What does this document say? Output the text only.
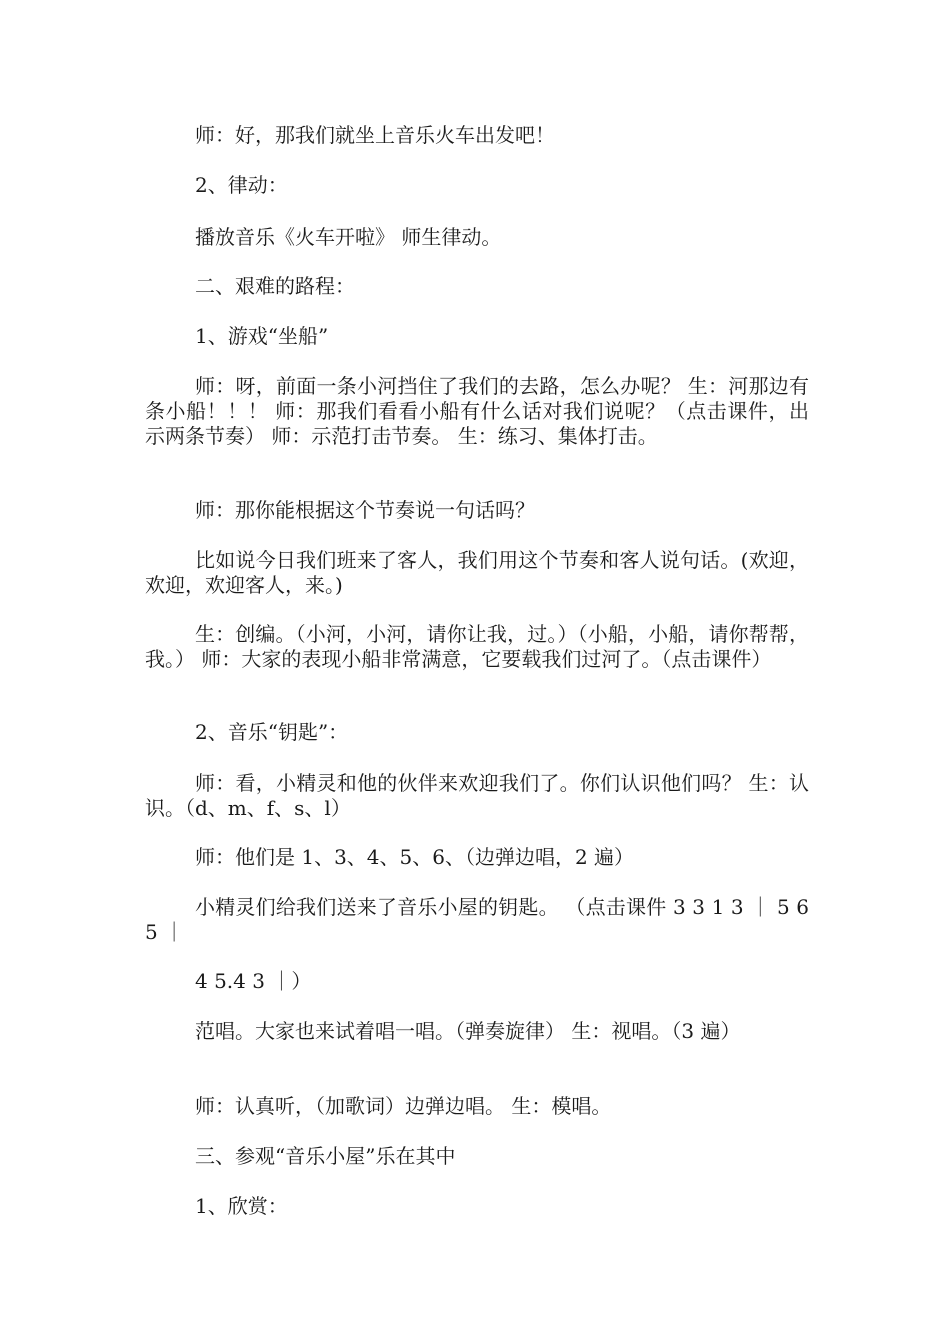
师：好，那我们就坐上音乐火车出发吧！

2、律动：

播放音乐《火车开啦》 师生律动。

二、艰难的路程：

1、游戏“坐船”

师：呀，前面一条小河挡住了我们的去路，怎么办呢？ 生：河那边有条小船！！！ 师：那我们看看小船有什么话对我们说呢？（点击课件，出示两条节奏） 师：示范打击节奏。 生：练习、集体打击。

师：那你能根据这个节奏说一句话吗？

比如说今日我们班来了客人，我们用这个节奏和客人说句话。(欢迎，欢迎，欢迎客人，来。)

生：创编。（小河，小河，请你让我，过。）（小船，小船，请你帮帮，我。） 师：大家的表现小船非常满意，它要载我们过河了。（点击课件）

2、音乐“钥匙”：

师：看，小精灵和他的伙伴来欢迎我们了。你们认识他们吗？ 生：认识。（d、m、f、s、l）

师：他们是 1、3、4、5、6、（边弹边唱，2 遍）

小精灵们给我们送来了音乐小屋的钥匙。 （点击课件 3 3 1 3 ｜ 5 6 5 ｜

4 5.4 3 ｜）

范唱。大家也来试着唱一唱。（弹奏旋律） 生：视唱。（3 遍）

师：认真听，（加歌词）边弹边唱。 生：模唱。

三、参观“音乐小屋”乐在其中

1、欣赏：
